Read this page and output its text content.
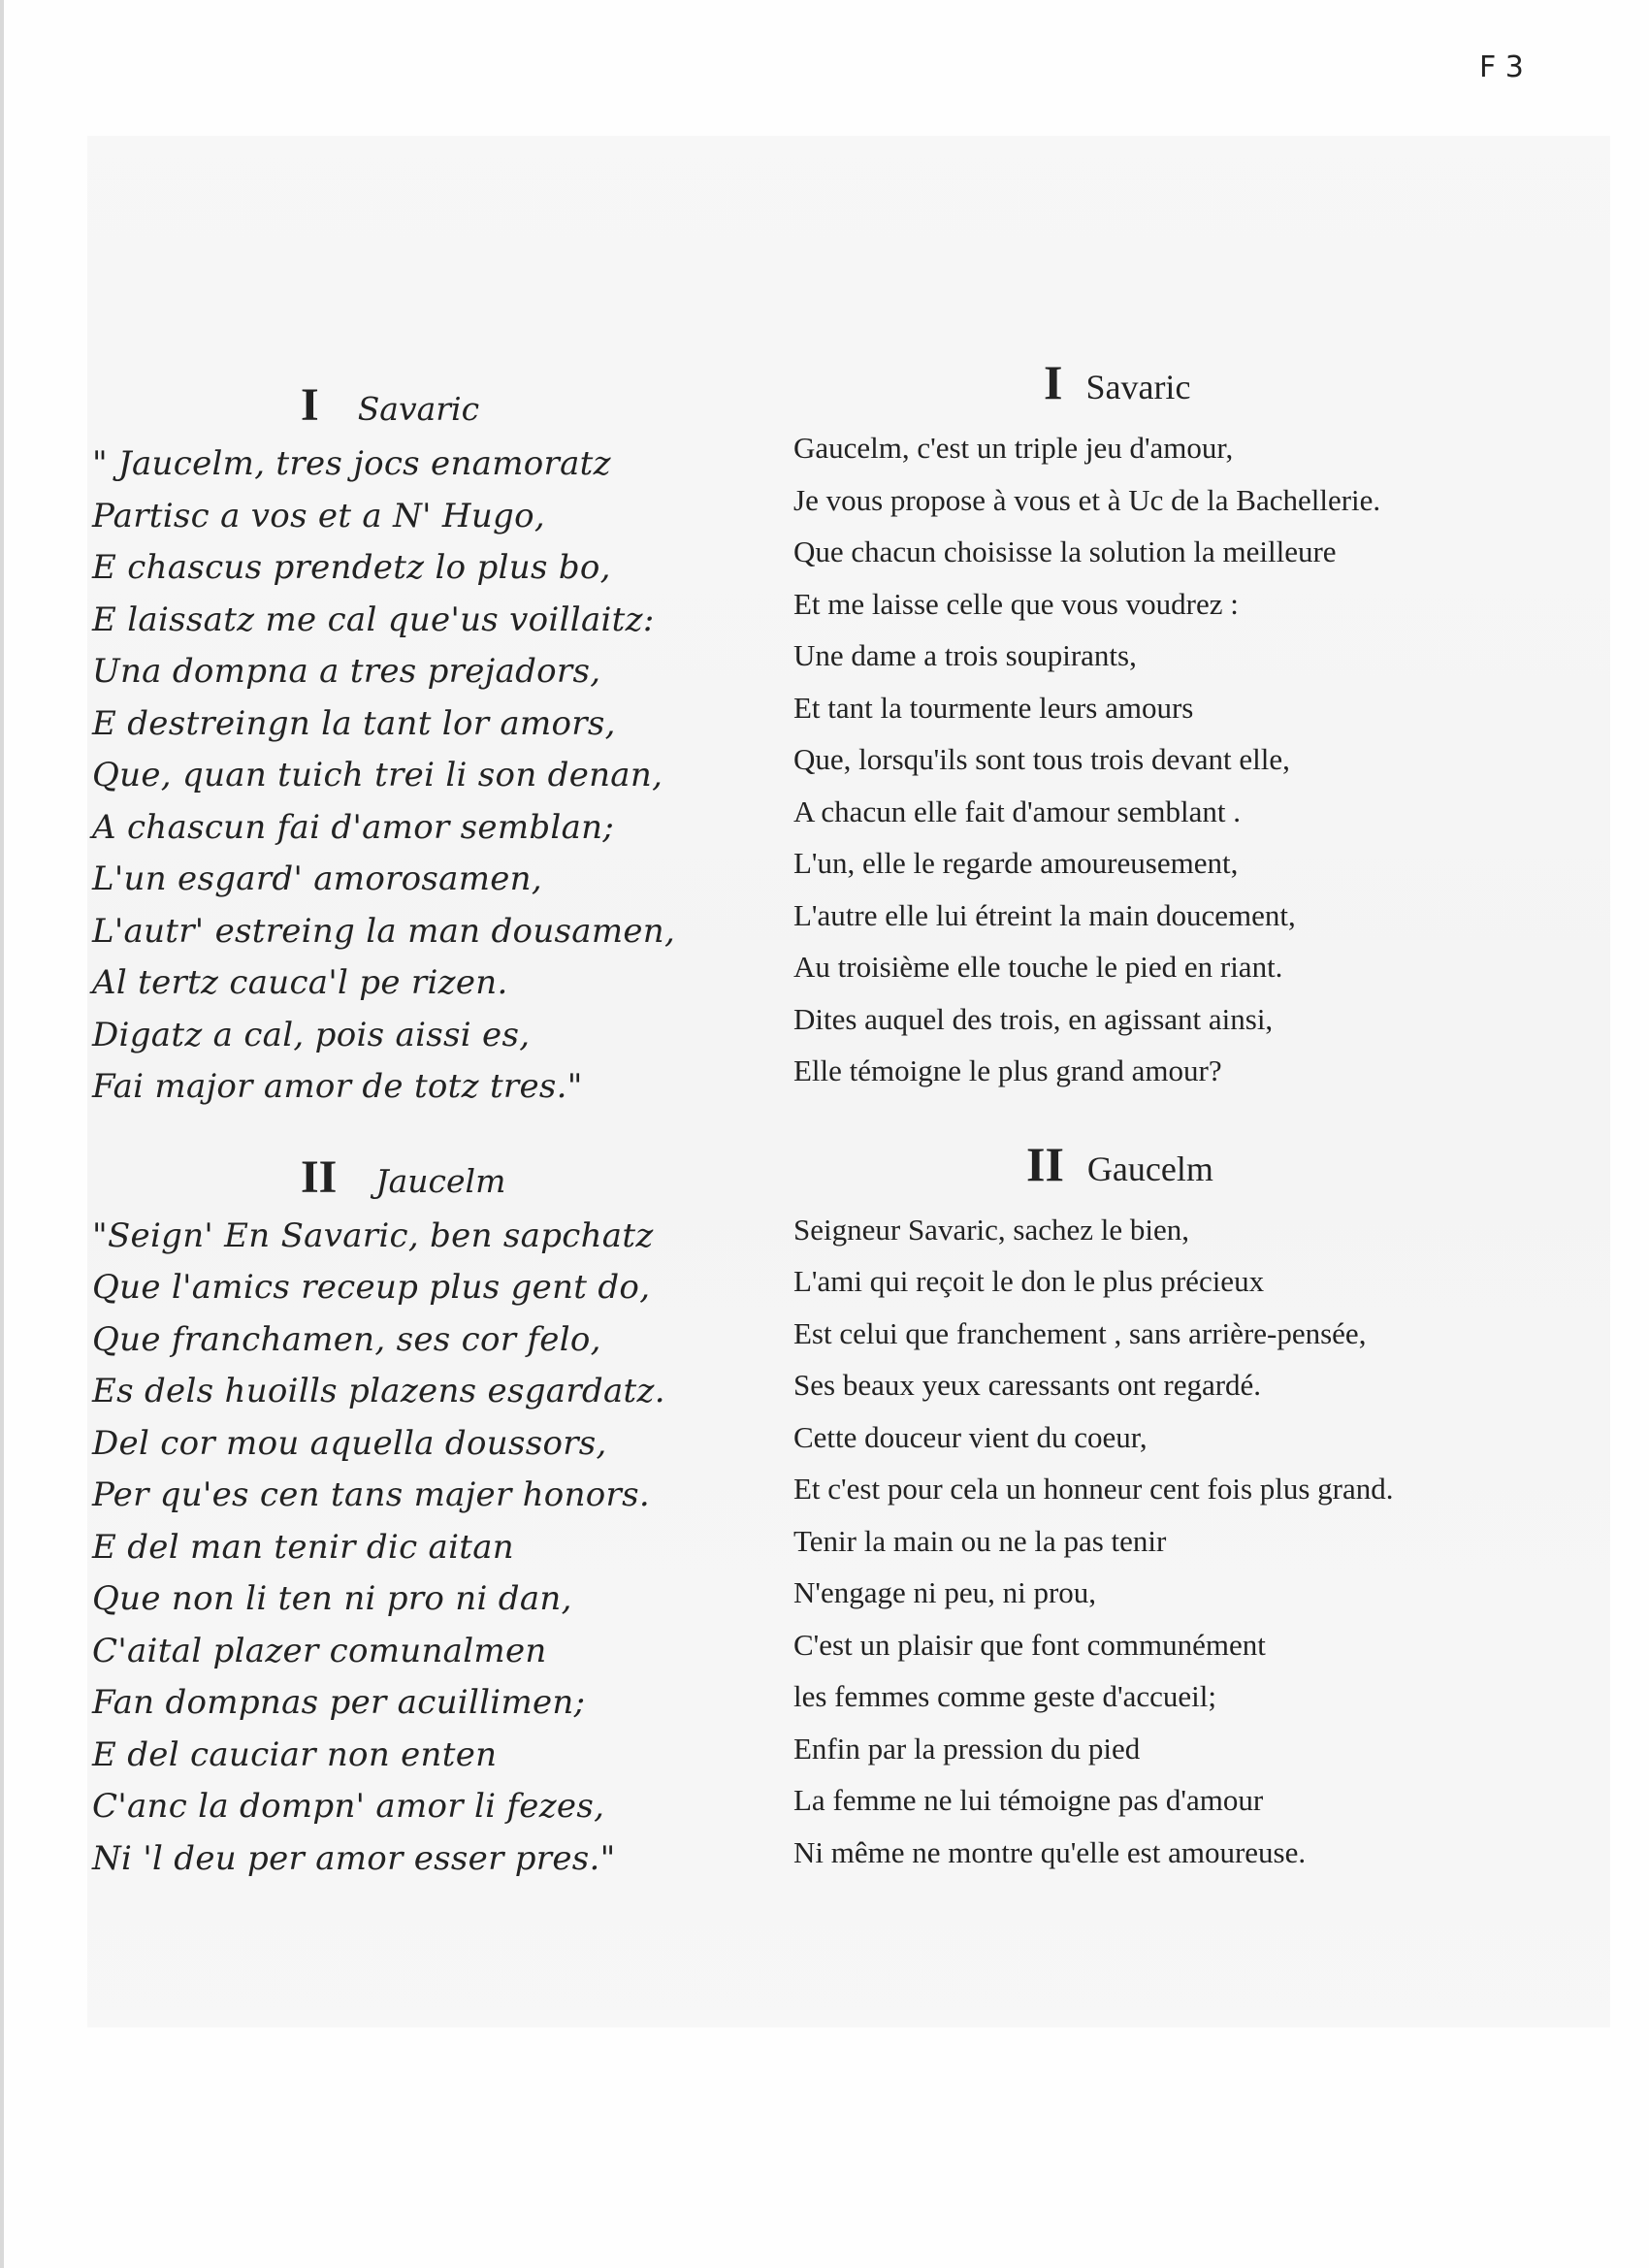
F 3
I Savaric
" Jaucelm, tres jocs enamoratz
Partisc a vos et a N' Hugo,
E chascus prendetz lo plus bo,
E laissatz me cal que'us voillaitz:
Una dompna a tres prejadors,
E destreingn la tant lor amors,
Que, quan tuich trei li son denan,
A chascun fai d'amor semblan;
L'un esgard' amorosamen,
L'autr' estreing la man dousamen,
Al tertz cauca'l pe rizen.
Digatz a cal, pois aissi es,
Fai major amor de totz tres."
II Jaucelm
"Seign' En Savaric, ben sapchatz
Que l'amics receup plus gent do,
Que franchamen, ses cor felo,
Es dels huoills plazens esgardatz.
Del cor mou aquella doussors,
Per qu'es cen tans majer honors.
E del man tenir dic aitan
Que non li ten ni pro ni dan,
C'aital plazer comunalmen
Fan dompnas per acuillimen;
E del cauciar non enten
C'anc la dompn' amor li fezes,
Ni 'l deu per amor esser pres."
I Savaric
Gaucelm, c'est un triple jeu d'amour,
Je vous propose à vous et à Uc de la Bachellerie.
Que chacun choisisse la solution la meilleure
Et me laisse celle que vous voudrez :
Une dame a trois soupirants,
Et tant la tourmente leurs amours
Que, lorsqu'ils sont tous trois devant elle,
A chacun elle fait d'amour semblant .
L'un, elle le regarde amoureusement,
L'autre elle lui étreint la main doucement,
Au troisième elle touche le pied en riant.
Dites auquel des trois, en agissant ainsi,
Elle témoigne le plus grand amour?
II Gaucelm
Seigneur Savaric, sachez le bien,
L'ami qui reçoit le don le plus précieux
Est celui que franchement , sans arrière-pensée,
Ses beaux yeux caressants ont regardé.
Cette douceur vient du coeur,
Et c'est pour cela un honneur cent fois plus grand.
Tenir la main ou ne la pas tenir
N'engage ni peu, ni prou,
C'est un plaisir que font communément
les femmes comme geste d'accueil;
Enfin par la pression du pied
La femme ne lui témoigne pas d'amour
Ni même ne montre qu'elle est amoureuse.
